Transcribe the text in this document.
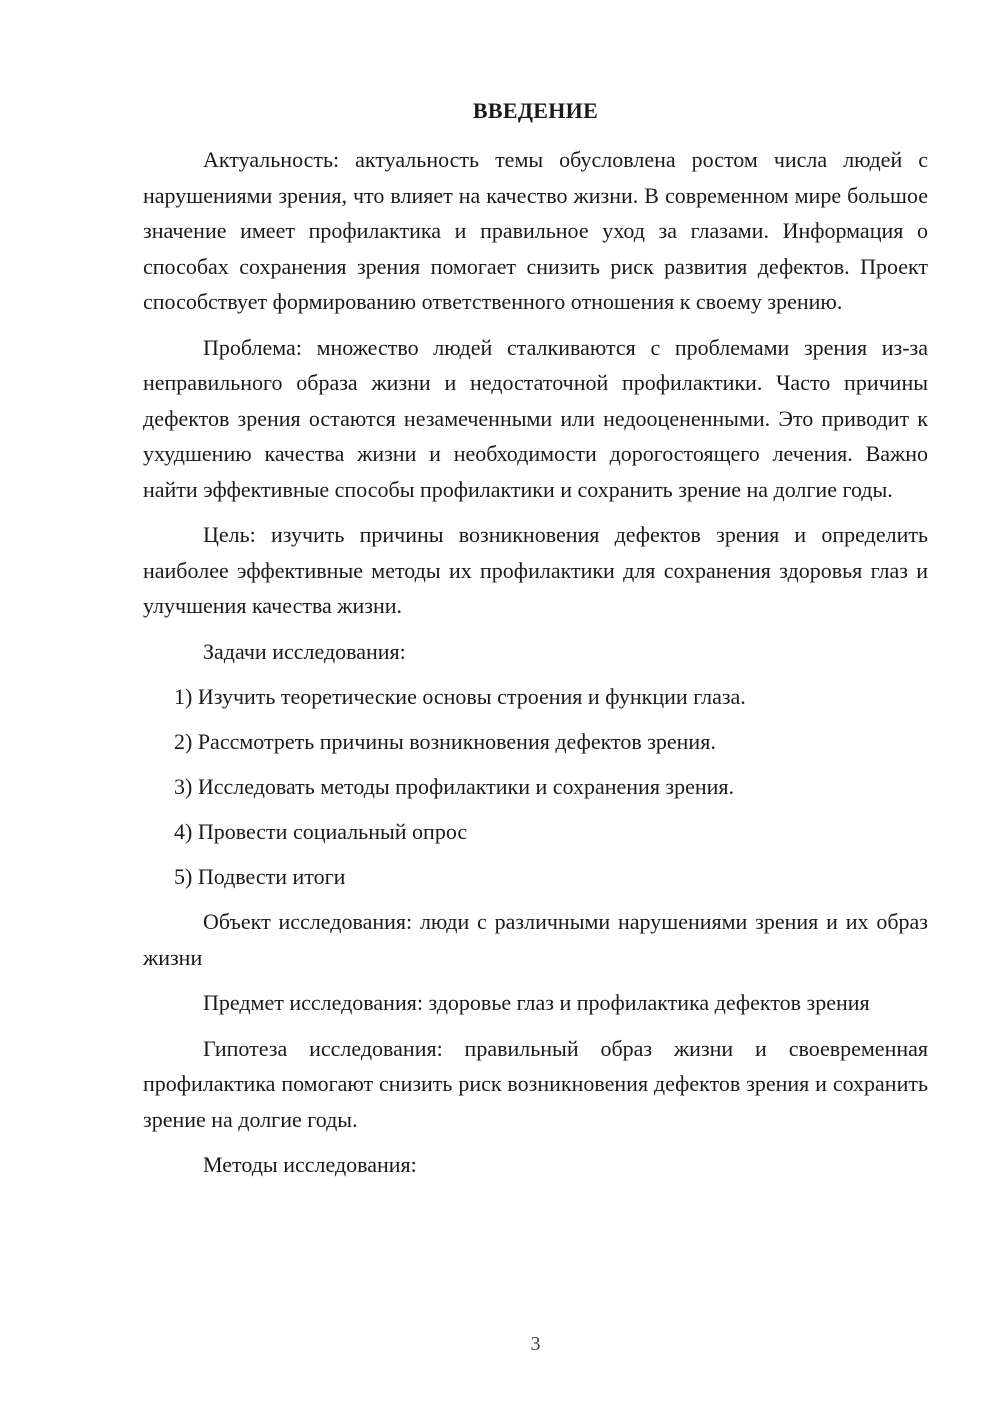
ВВЕДЕНИЕ

Актуальность: актуальность темы обусловлена ростом числа людей с нарушениями зрения, что влияет на качество жизни. В современном мире большое значение имеет профилактика и правильное уход за глазами. Информация о способах сохранения зрения помогает снизить риск развития дефектов. Проект способствует формированию ответственного отношения к своему зрению.

Проблема: множество людей сталкиваются с проблемами зрения из-за неправильного образа жизни и недостаточной профилактики. Часто причины дефектов зрения остаются незамеченными или недооцененными. Это приводит к ухудшению качества жизни и необходимости дорогостоящего лечения. Важно найти эффективные способы профилактики и сохранить зрение на долгие годы.

Цель: изучить причины возникновения дефектов зрения и определить наиболее эффективные методы их профилактики для сохранения здоровья глаз и улучшения качества жизни.

Задачи исследования:

1) Изучить теоретические основы строения и функции глаза.

2) Рассмотреть причины возникновения дефектов зрения.

3) Исследовать методы профилактики и сохранения зрения.

4) Провести социальный опрос

5) Подвести итоги

Объект исследования: люди с различными нарушениями зрения и их образ жизни

Предмет исследования: здоровье глаз и профилактика дефектов зрения

Гипотеза исследования: правильный образ жизни и своевременная профилактика помогают снизить риск возникновения дефектов зрения и сохранить зрение на долгие годы.

Методы исследования:

3
